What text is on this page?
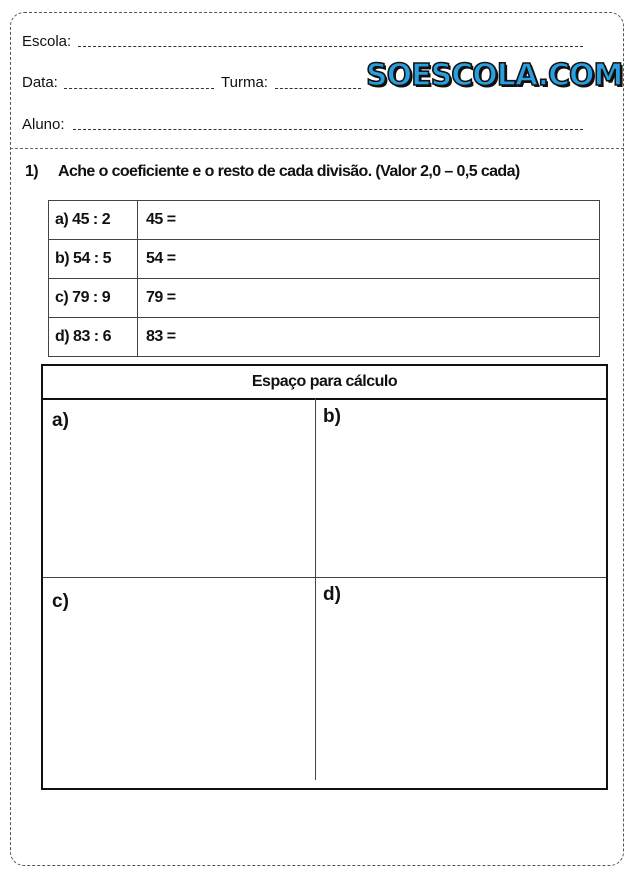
Escola:
Data:	Turma:	SOESCOLA.COM
Aluno:
1) Ache o coeficiente e o resto de cada divisão. (Valor 2,0 – 0,5 cada)
a) 45 : 2	45 =
b) 54 : 5	54 =
c) 79 : 9	79 =
d) 83 : 6	83 =
Espaço para cálculo
a)	b)
c)	d)
